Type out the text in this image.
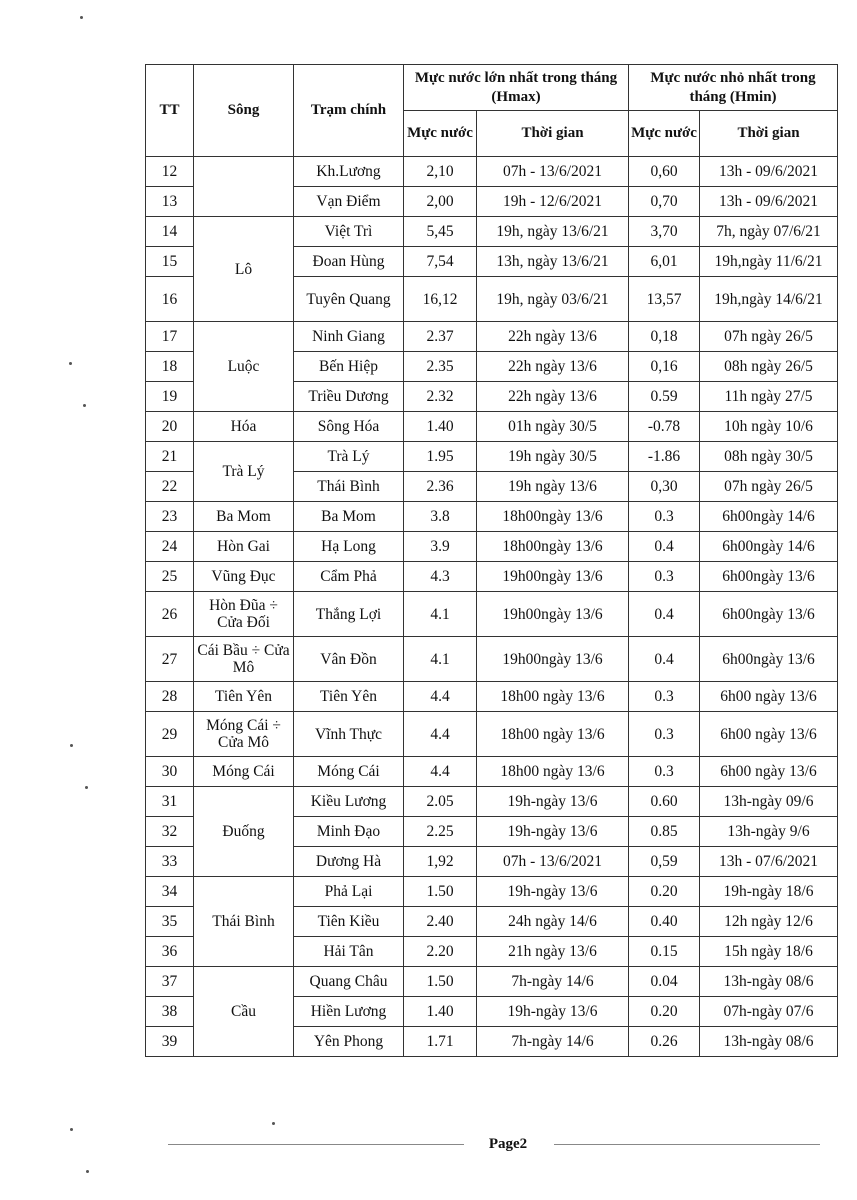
TT	Sông	Trạm chính	Mực nước lớn nhất trong tháng (Hmax)		Mực nước nhỏ nhất trong tháng (Hmin)	
			Mực nước	Thời gian	Mực nước	Thời gian
12		Kh.Lương	2,10	07h - 13/6/2021	0,60	13h - 09/6/2021
13		Vạn Điểm	2,00	19h - 12/6/2021	0,70	13h - 09/6/2021
14	Lô	Việt Trì	5,45	19h, ngày 13/6/21	3,70	7h, ngày 07/6/21
15		Đoan Hùng	7,54	13h, ngày 13/6/21	6,01	19h,ngày 11/6/21
16		Tuyên Quang	16,12	19h, ngày 03/6/21	13,57	19h,ngày 14/6/21
17	Luộc	Ninh Giang	2.37	22h ngày 13/6	0,18	07h ngày 26/5
18		Bến Hiệp	2.35	22h ngày 13/6	0,16	08h ngày 26/5
19		Triều Dương	2.32	22h ngày 13/6	0.59	11h ngày 27/5
20	Hóa	Sông Hóa	1.40	01h ngày 30/5	-0.78	10h ngày 10/6
21	Trà Lý	Trà Lý	1.95	19h ngày 30/5	-1.86	08h ngày 30/5
22		Thái Bình	2.36	19h ngày 13/6	0,30	07h ngày 26/5
23	Ba Mom	Ba Mom	3.8	18h00ngày 13/6	0.3	6h00ngày 14/6
24	Hòn Gai	Hạ Long	3.9	18h00ngày 13/6	0.4	6h00ngày 14/6
25	Vũng Đục	Cẩm Phả	4.3	19h00ngày 13/6	0.3	6h00ngày 13/6
26	Hòn Đũa ÷ Cửa Đối	Thắng Lợi	4.1	19h00ngày 13/6	0.4	6h00ngày 13/6
27	Cái Bầu ÷ Cửa Mô	Vân Đồn	4.1	19h00ngày 13/6	0.4	6h00ngày 13/6
28	Tiên Yên	Tiên Yên	4.4	18h00 ngày 13/6	0.3	6h00 ngày 13/6
29	Móng Cái ÷ Cửa Mô	Vĩnh Thực	4.4	18h00 ngày 13/6	0.3	6h00 ngày 13/6
30	Móng Cái	Móng Cái	4.4	18h00 ngày 13/6	0.3	6h00 ngày 13/6
31	Đuống	Kiều Lương	2.05	19h-ngày 13/6	0.60	13h-ngày 09/6
32		Minh Đạo	2.25	19h-ngày 13/6	0.85	13h-ngày 9/6
33		Dương Hà	1,92	07h - 13/6/2021	0,59	13h - 07/6/2021
34	Thái Bình	Phả Lại	1.50	19h-ngày 13/6	0.20	19h-ngày 18/6
35		Tiên Kiều	2.40	24h ngày 14/6	0.40	12h ngày 12/6
36		Hải Tân	2.20	21h ngày 13/6	0.15	15h ngày 18/6
37	Cầu	Quang Châu	1.50	7h-ngày 14/6	0.04	13h-ngày 08/6
38		Hiền Lương	1.40	19h-ngày 13/6	0.20	07h-ngày 07/6
39		Yên Phong	1.71	7h-ngày 14/6	0.26	13h-ngày 08/6
Page2
